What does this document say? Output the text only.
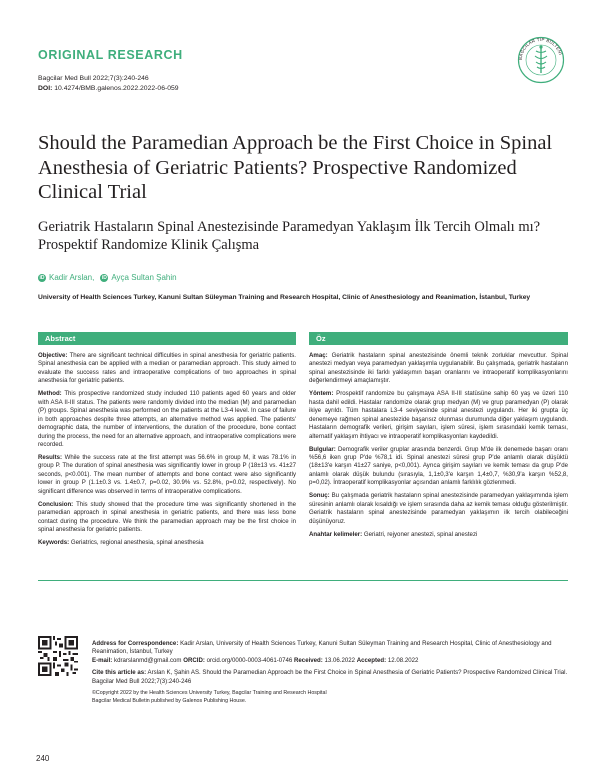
ORIGINAL RESEARCH
Bagcilar Med Bull 2022;7(3):240-246
DOI: 10.4274/BMB.galenos.2022.2022-06-059
BAĞCILAR TIP BÜLTENİ
Should the Paramedian Approach be the First Choice in Spinal Anesthesia of Geriatric Patients? Prospective Randomized Clinical Trial
Geriatrik Hastaların Spinal Anestezisinde Paramedyan Yaklaşım İlk Tercih Olmalı mı? Prospektif Randomize Klinik Çalışma
iD Kadir Arslan,	iD Ayça Sultan Şahin
University of Health Sciences Turkey, Kanuni Sultan Süleyman Training and Research Hospital, Clinic of Anesthesiology and Reanimation, İstanbul, Turkey
Abstract	Öz

Objective: There are significant technical difficulties in spinal anesthesia for geriatric patients. Spinal anesthesia can be applied with a median or paramedian approach. This study aimed to evaluate the success rates and intraoperative complications of two approaches in spinal anesthesia for geriatric patients.

Method: This prospective randomized study included 110 patients aged 60 years and older with ASA II-III status. The patients were randomly divided into the median (M) and paramedian (P) groups. Spinal anesthesia was performed on the patients at the L3-4 level. In case of failure in both approaches despite three attempts, an alternative method was applied. The patients' demographic data, the number of interventions, the duration of the procedure, bone contact during the process, the need for an alternative approach, and intraoperative complications were recorded.

Results: While the success rate at the first attempt was 56.6% in group M, it was 78.1% in group P. The duration of spinal anesthesia was significantly lower in group P (18±13 vs. 41±27 seconds, p<0.001). The mean number of attempts and bone contact were also significantly lower in group P (1.1±0.3 vs. 1.4±0.7, p=0.02, 30.9% vs. 52.8%, p=0.02, respectively). No significant difference was observed in terms of intraoperative complications.

Conclusion: This study showed that the procedure time was significantly shortened in the paramedian approach in spinal anesthesia in geriatric patients, and there was less bone contact during the procedure. We think the paramedian approach may be the first choice in spinal anesthesia for geriatric patients.

Keywords: Geriatrics, regional anesthesia, spinal anesthesia

Amaç: Geriatrik hastaların spinal anestezisinde önemli teknik zorluklar mevcuttur. Spinal anestezi medyan veya paramedyan yaklaşımla uygulanabilir. Bu çalışmada, geriatrik hastaların spinal anestezisinde iki farklı yaklaşımın başarı oranlarını ve intraoperatif komplikasyonlarını değerlendirmeyi amaçlamıştır.

Yöntem: Prospektif randomize bu çalışmaya ASA II-III statüsüne sahip 60 yaş ve üzeri 110 hasta dahil edildi. Hastalar randomize olarak grup medyan (M) ve grup paramedyan (P) olarak ikiye ayrıldı. Tüm hastalara L3-4 seviyesinde spinal anestezi uygulandı. Her iki grupta üç denemeye rağmen spinal anestezide başarısız olunması durumunda diğer yaklaşım uygulandı. Hastaların demografik verileri, girişim sayıları, işlem süresi, işlem sırasındaki kemik teması, alternatif yaklaşım ihtiyacı ve intraoperatif komplikasyonları kaydedildi.

Bulgular: Demografik veriler gruplar arasında benzerdi. Grup M'de ilk denemede başarı oranı %56,6 iken grup P'de %78,1 idi. Spinal anestezi süresi grup P'de anlamlı olarak düşüktü (18±13'e karşın 41±27 saniye, p<0,001). Ayrıca girişim sayıları ve kemik teması da grup P'de anlamlı olarak düşük bulundu (sırasıyla, 1,1±0,3'e karşın 1,4±0,7, %30,9'a karşın %52,8, p=0,02). İntraoperatif komplikasyonlar açısından anlamlı farklılık gözlenmedi.

Sonuç: Bu çalışmada geriatrik hastaların spinal anestezisinde paramedyan yaklaşımında işlem süresinin anlamlı olarak kısaldığı ve işlem sırasında daha az kemik teması olduğu gösterilmiştir. Geriatrik hastaların spinal anestezisinde paramedyan yaklaşımın ilk tercih olabileceğini düşünüyoruz.

Anahtar kelimeler: Geriatri, rejyoner anestezi, spinal anestezi

Address for Correspondence: Kadir Arslan, University of Health Sciences Turkey, Kanuni Sultan Süleyman Training and Research Hospital, Clinic of Anesthesiology and Reanimation, İstanbul, Turkey
E-mail: kdrarslanmd@gmail.com ORCID: orcid.org/0000-0003-4061-0746 Received: 13.06.2022 Accepted: 12.08.2022

Cite this article as: Arslan K, Şahin AS. Should the Paramedian Approach be the First Choice in Spinal Anesthesia of Geriatric Patients? Prospective Randomized Clinical Trial. Bagcilar Med Bull 2022;7(3):240-246

©Copyright 2022 by the Health Sciences University Turkey, Bagcilar Training and Research Hospital
Bagcilar Medical Bulletin published by Galenos Publishing House.

240
